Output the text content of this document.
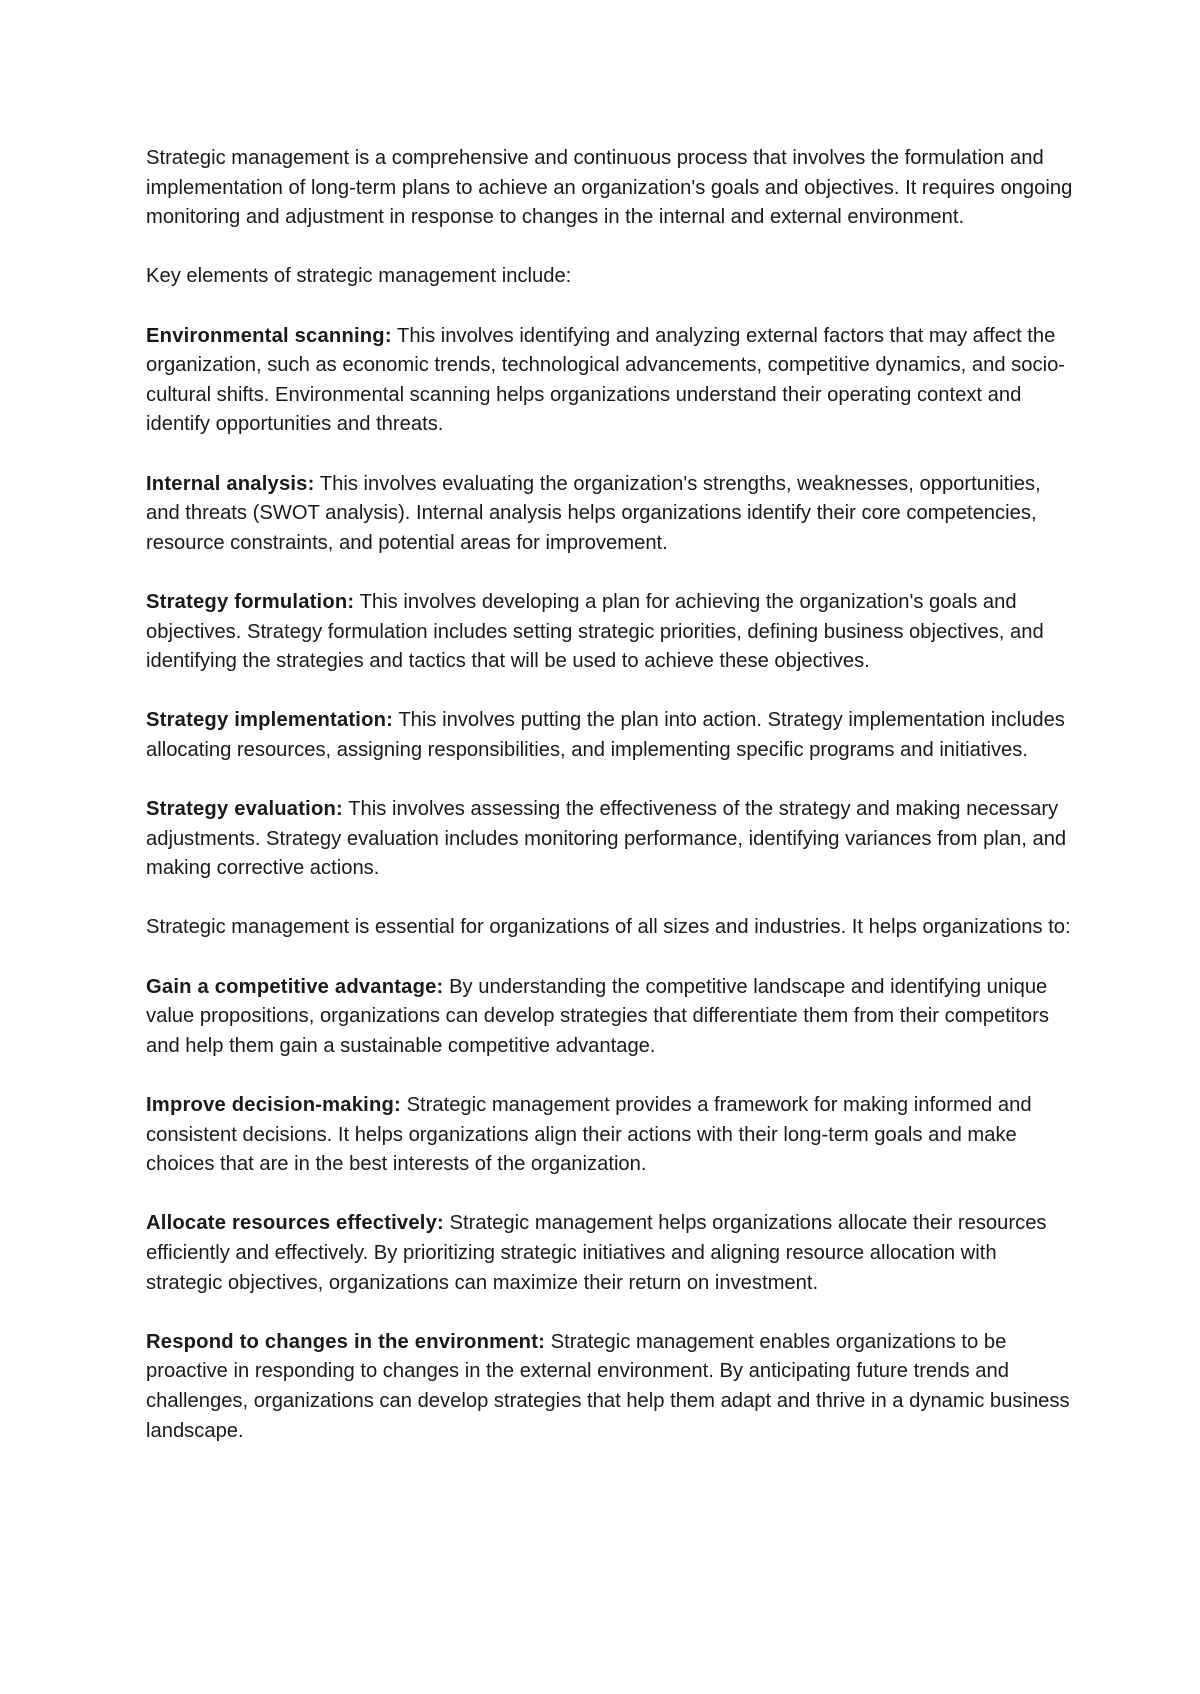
Strategic management is a comprehensive and continuous process that involves the formulation and implementation of long-term plans to achieve an organization's goals and objectives. It requires ongoing monitoring and adjustment in response to changes in the internal and external environment.

Key elements of strategic management include:

Environmental scanning: This involves identifying and analyzing external factors that may affect the organization, such as economic trends, technological advancements, competitive dynamics, and socio-cultural shifts. Environmental scanning helps organizations understand their operating context and identify opportunities and threats.

Internal analysis: This involves evaluating the organization's strengths, weaknesses, opportunities, and threats (SWOT analysis). Internal analysis helps organizations identify their core competencies, resource constraints, and potential areas for improvement.

Strategy formulation: This involves developing a plan for achieving the organization's goals and objectives. Strategy formulation includes setting strategic priorities, defining business objectives, and identifying the strategies and tactics that will be used to achieve these objectives.

Strategy implementation: This involves putting the plan into action. Strategy implementation includes allocating resources, assigning responsibilities, and implementing specific programs and initiatives.

Strategy evaluation: This involves assessing the effectiveness of the strategy and making necessary adjustments. Strategy evaluation includes monitoring performance, identifying variances from plan, and making corrective actions.

Strategic management is essential for organizations of all sizes and industries. It helps organizations to:

Gain a competitive advantage: By understanding the competitive landscape and identifying unique value propositions, organizations can develop strategies that differentiate them from their competitors and help them gain a sustainable competitive advantage.

Improve decision-making: Strategic management provides a framework for making informed and consistent decisions. It helps organizations align their actions with their long-term goals and make choices that are in the best interests of the organization.

Allocate resources effectively: Strategic management helps organizations allocate their resources efficiently and effectively. By prioritizing strategic initiatives and aligning resource allocation with strategic objectives, organizations can maximize their return on investment.

Respond to changes in the environment: Strategic management enables organizations to be proactive in responding to changes in the external environment. By anticipating future trends and challenges, organizations can develop strategies that help them adapt and thrive in a dynamic business landscape.
